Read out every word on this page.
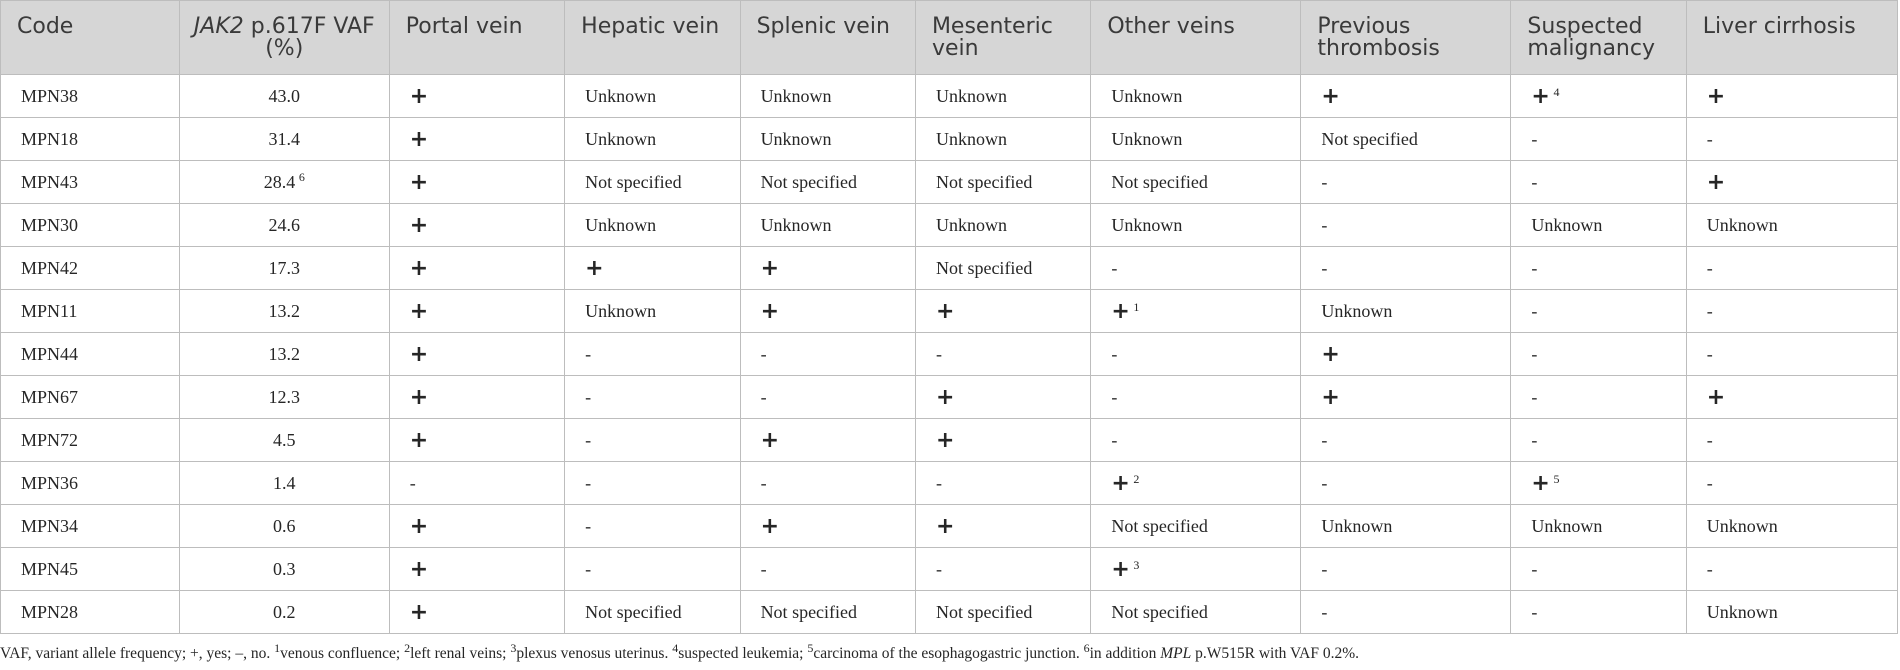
Code	JAK2 p.617F VAF (%)	Portal vein	Hepatic vein	Splenic vein	Mesenteric vein	Other veins	Previous thrombosis	Suspected malignancy	Liver cirrhosis
MPN38	43.0	+	Unknown	Unknown	Unknown	Unknown	+	+  $^4$	+
MPN18	31.4	+	Unknown	Unknown	Unknown	Unknown	Not specified	-	-
MPN43	28.4  $^6$	+	Not specified	Not specified	Not specified	Not specified	-	-	+
MPN30	24.6	+	Unknown	Unknown	Unknown	Unknown	-	Unknown	Unknown
MPN42	17.3	+	+	+	Not specified	-	-	-	-
MPN11	13.2	+	Unknown	+	+	+  $^1$	Unknown	-	-
MPN44	13.2	+	-	-	-	-	+	-	-
MPN67	12.3	+	-	-	+	-	+	-	+
MPN72	4.5	+	-	+	+	-	-	-	-
MPN36	1.4	-	-	-	-	+  $^2$	-	+  $^5$	-
MPN34	0.6	+	-	+	+	Not specified	Unknown	Unknown	Unknown
MPN45	0.3	+	-	-	-	+  $^3$	-	-	-
MPN28	0.2	+	Not specified	Not specified	Not specified	Not specified	-	-	Unknown
VAF, variant allele frequency; +, yes; –, no. $^1$venous confluence; $^2$left renal veins; $^3$plexus venosus uterinus. $^4$suspected leukemia; $^5$carcinoma of the esophagogastric junction. $^6$in addition MPL p.W515R with VAF 0.2%.
